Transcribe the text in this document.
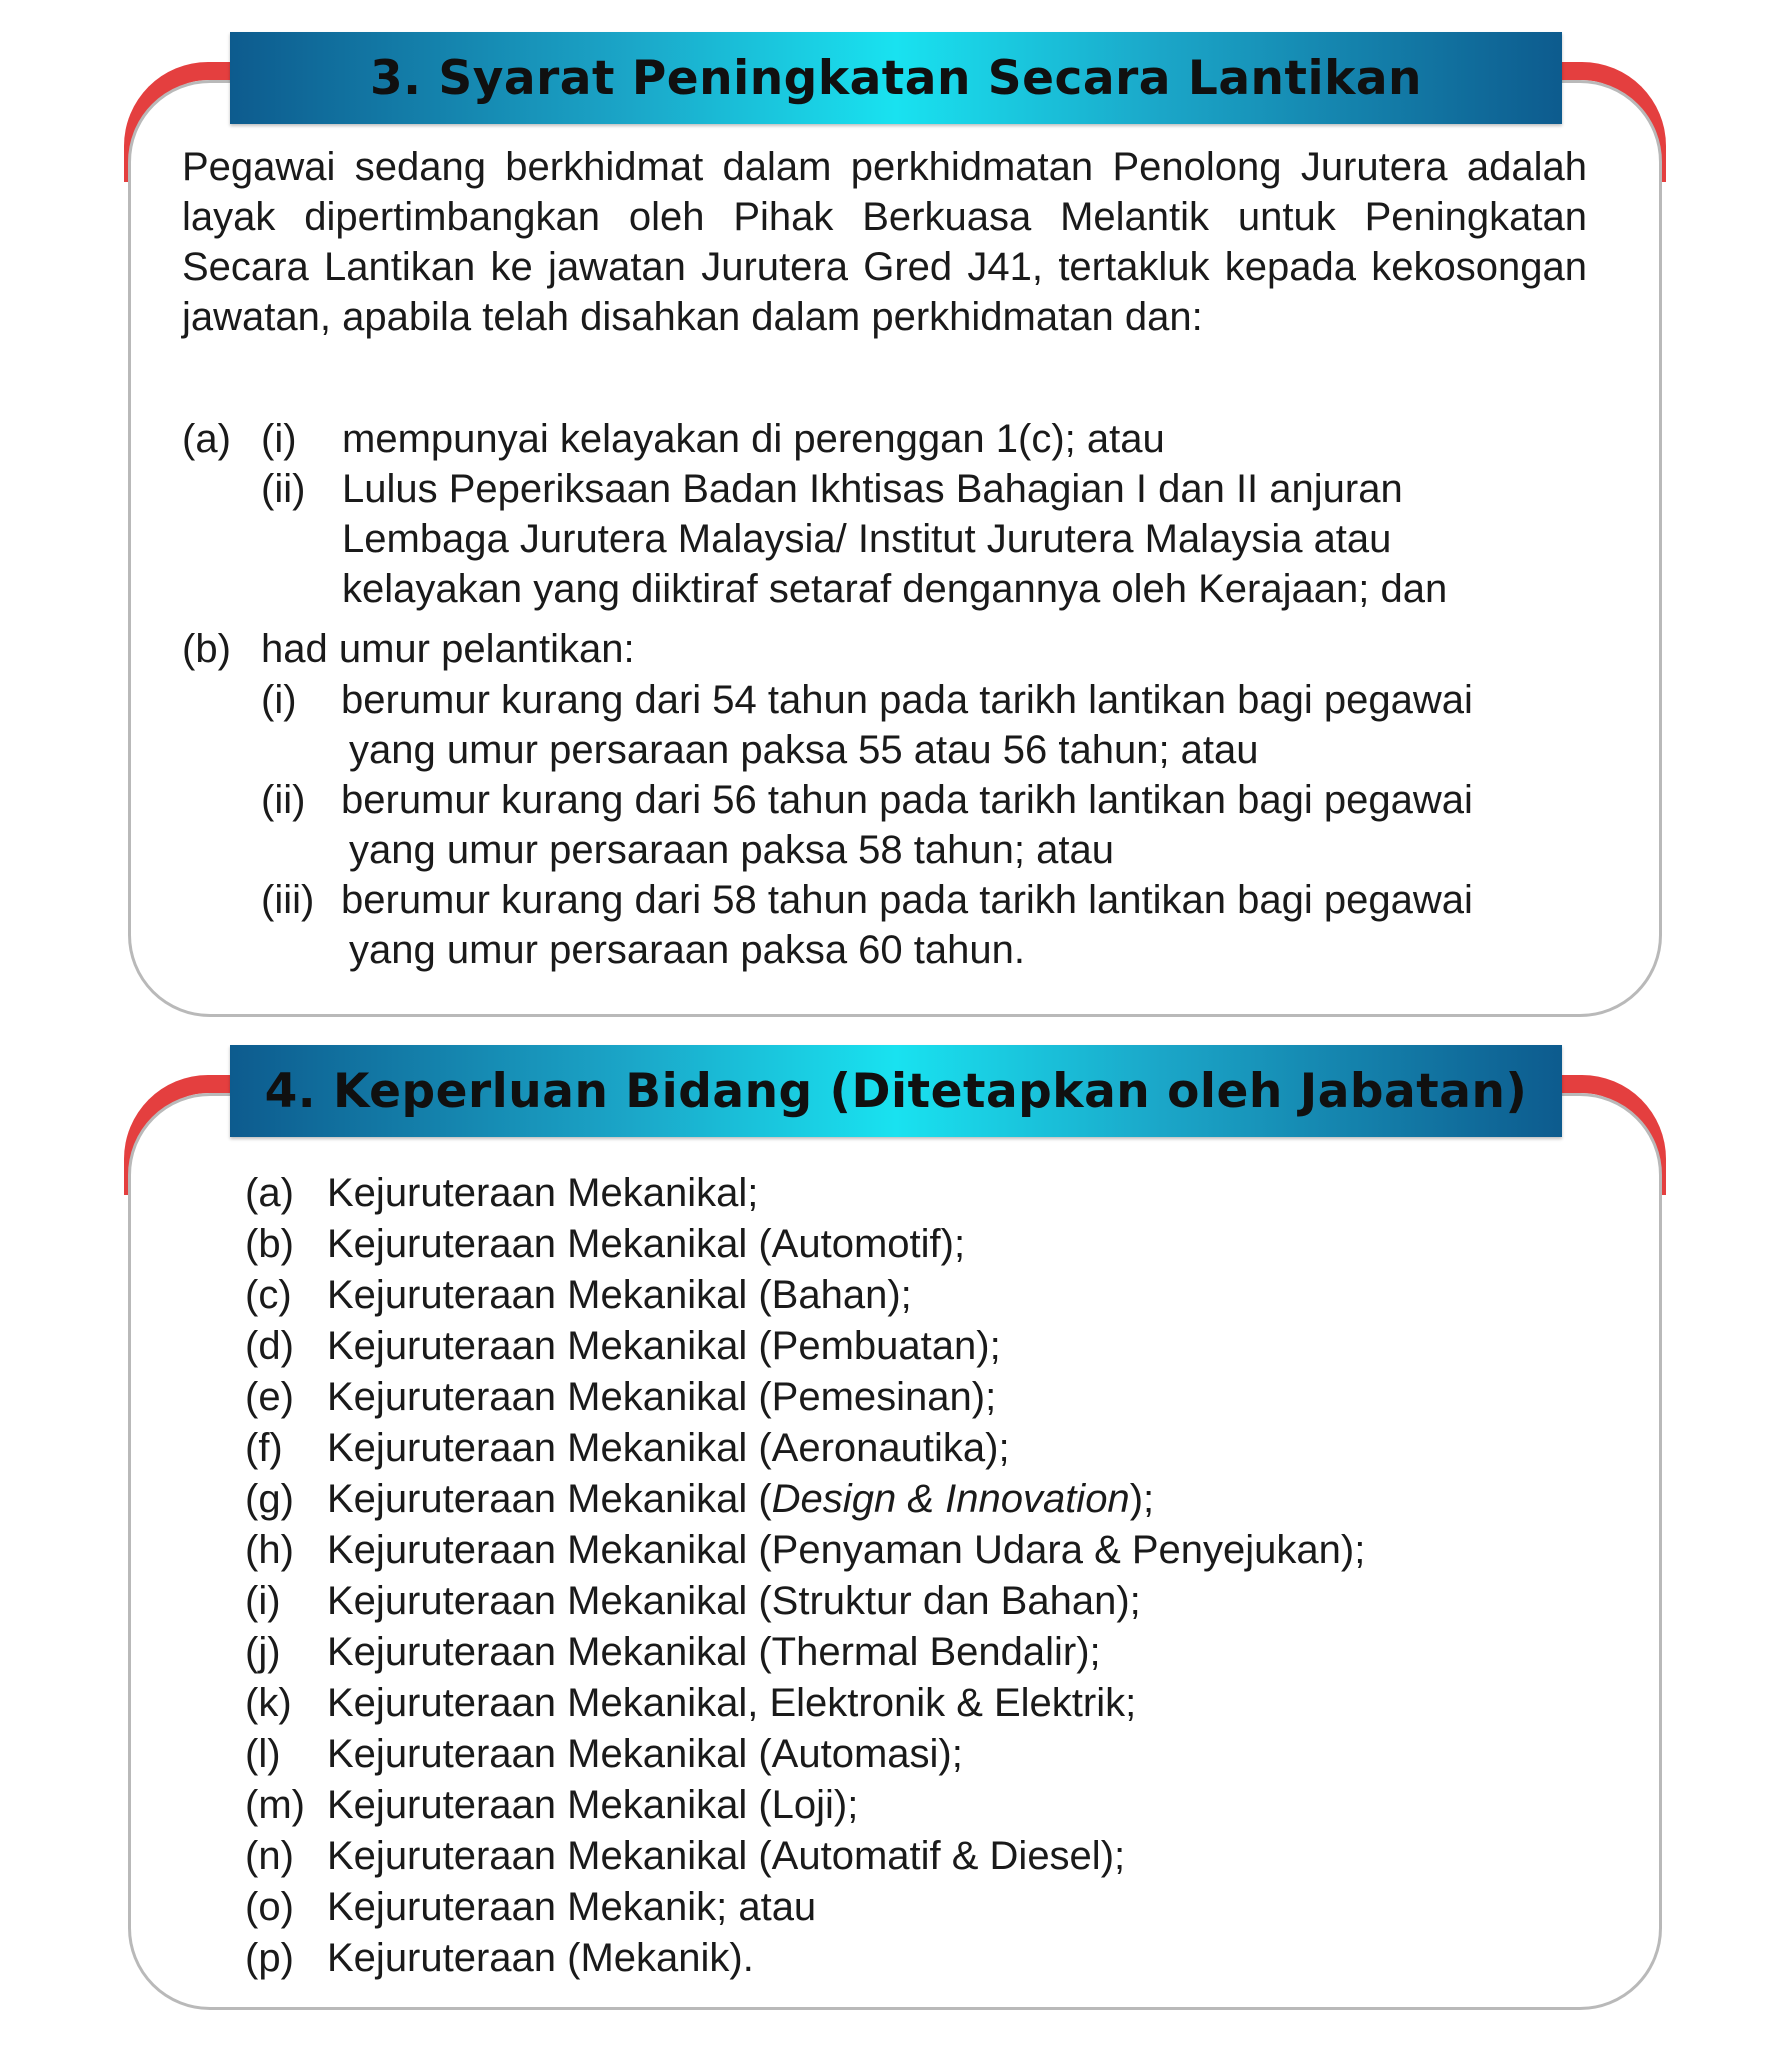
3. Syarat Peningkatan Secara Lantikan

Pegawai sedang berkhidmat dalam perkhidmatan Penolong Jurutera adalah layak dipertimbangkan oleh Pihak Berkuasa Melantik untuk Peningkatan Secara Lantikan ke jawatan Jurutera Gred J41, tertakluk kepada kekosongan jawatan, apabila telah disahkan dalam perkhidmatan dan:

(a) (i) mempunyai kelayakan di perenggan 1(c); atau
(ii) Lulus Peperiksaan Badan Ikhtisas Bahagian I dan II anjuran
Lembaga Jurutera Malaysia/ Institut Jurutera Malaysia atau
kelayakan yang diiktiraf setaraf dengannya oleh Kerajaan; dan
(b) had umur pelantikan:
(i) berumur kurang dari 54 tahun pada tarikh lantikan bagi pegawai
yang umur persaraan paksa 55 atau 56 tahun; atau
(ii) berumur kurang dari 56 tahun pada tarikh lantikan bagi pegawai
yang umur persaraan paksa 58 tahun; atau
(iii) berumur kurang dari 58 tahun pada tarikh lantikan bagi pegawai
yang umur persaraan paksa 60 tahun.
4. Keperluan Bidang (Ditetapkan oleh Jabatan)
(a) Kejuruteraan Mekanikal;
(b) Kejuruteraan Mekanikal (Automotif);
(c) Kejuruteraan Mekanikal (Bahan);
(d) Kejuruteraan Mekanikal (Pembuatan);
(e) Kejuruteraan Mekanikal (Pemesinan);
(f) Kejuruteraan Mekanikal (Aeronautika);
(g) Kejuruteraan Mekanikal (Design & Innovation);
(h) Kejuruteraan Mekanikal (Penyaman Udara & Penyejukan);
(i) Kejuruteraan Mekanikal (Struktur dan Bahan);
(j) Kejuruteraan Mekanikal (Thermal Bendalir);
(k) Kejuruteraan Mekanikal, Elektronik & Elektrik;
(l) Kejuruteraan Mekanikal (Automasi);
(m) Kejuruteraan Mekanikal (Loji);
(n) Kejuruteraan Mekanikal (Automatif & Diesel);
(o) Kejuruteraan Mekanik; atau
(p) Kejuruteraan (Mekanik).
